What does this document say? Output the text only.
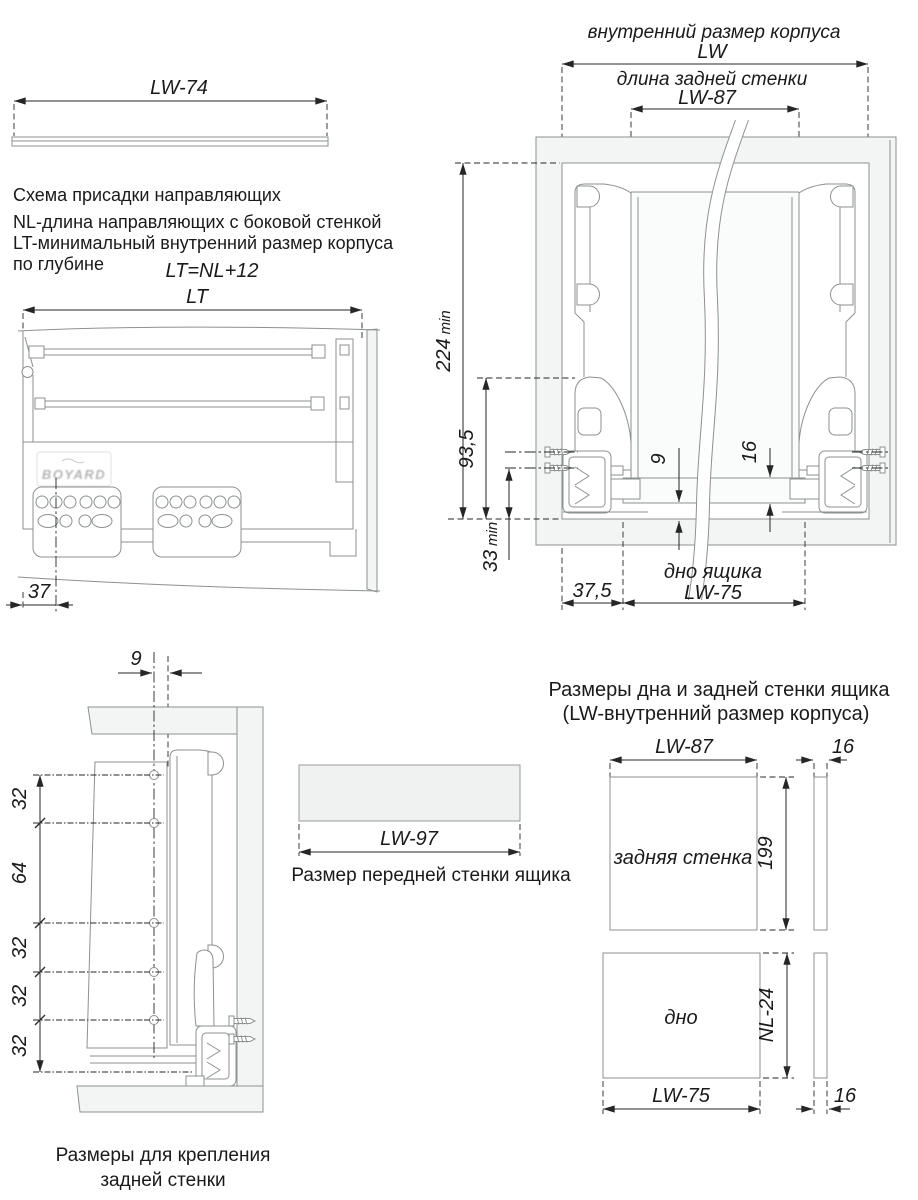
LW-74
Схема присадки направляющих
NL-длина направляющих с боковой стенкой
LT-минимальный внутренний размер корпуса
по глубине	LT=NL+12
LT
BOYARD
37
внутренний размер корпуса
LW
длина задней стенки
LW-87
224min
93,5
33min
9	16
дно ящика
37,5	LW-75
9
32
64
32
32
32
Размеры для крепления
задней стенки
LW-97
Размер передней стенки ящика
Размеры дна и задней стенки ящика
(LW-внутренний размер корпуса)
LW-87
задняя стенка 199
16
дно	NL-24
LW-75	16
